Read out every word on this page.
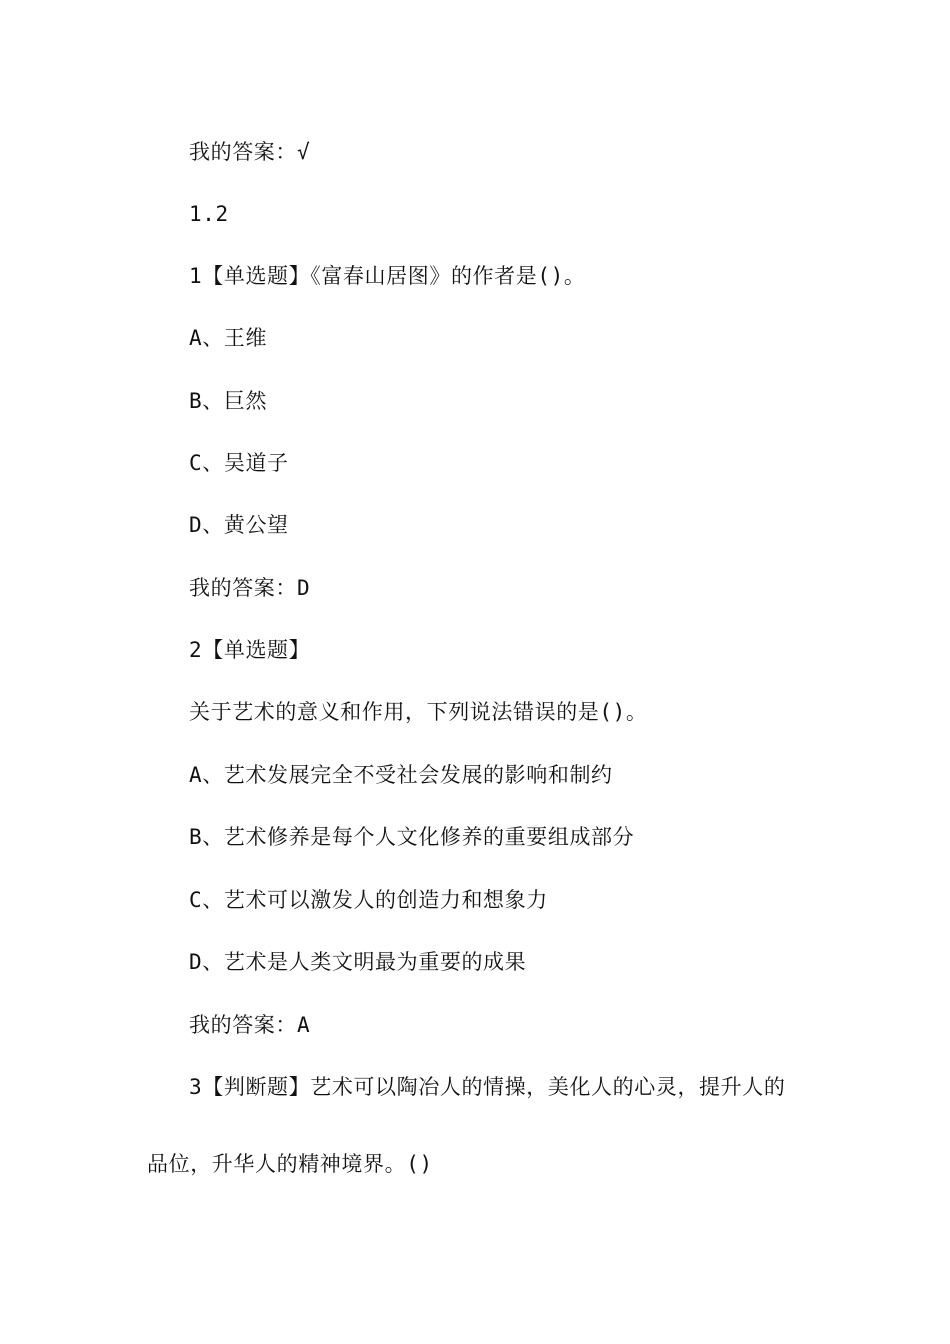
我的答案：√
1.2
1【单选题】《富春山居图》的作者是()。
A、王维
B、巨然
C、吴道子
D、黄公望
我的答案：D
2【单选题】
关于艺术的意义和作用，下列说法错误的是()。
A、艺术发展完全不受社会发展的影响和制约
B、艺术修养是每个人文化修养的重要组成部分
C、艺术可以激发人的创造力和想象力
D、艺术是人类文明最为重要的成果
我的答案：A
3【判断题】艺术可以陶冶人的情操，美化人的心灵，提升人的
品位，升华人的精神境界。()
